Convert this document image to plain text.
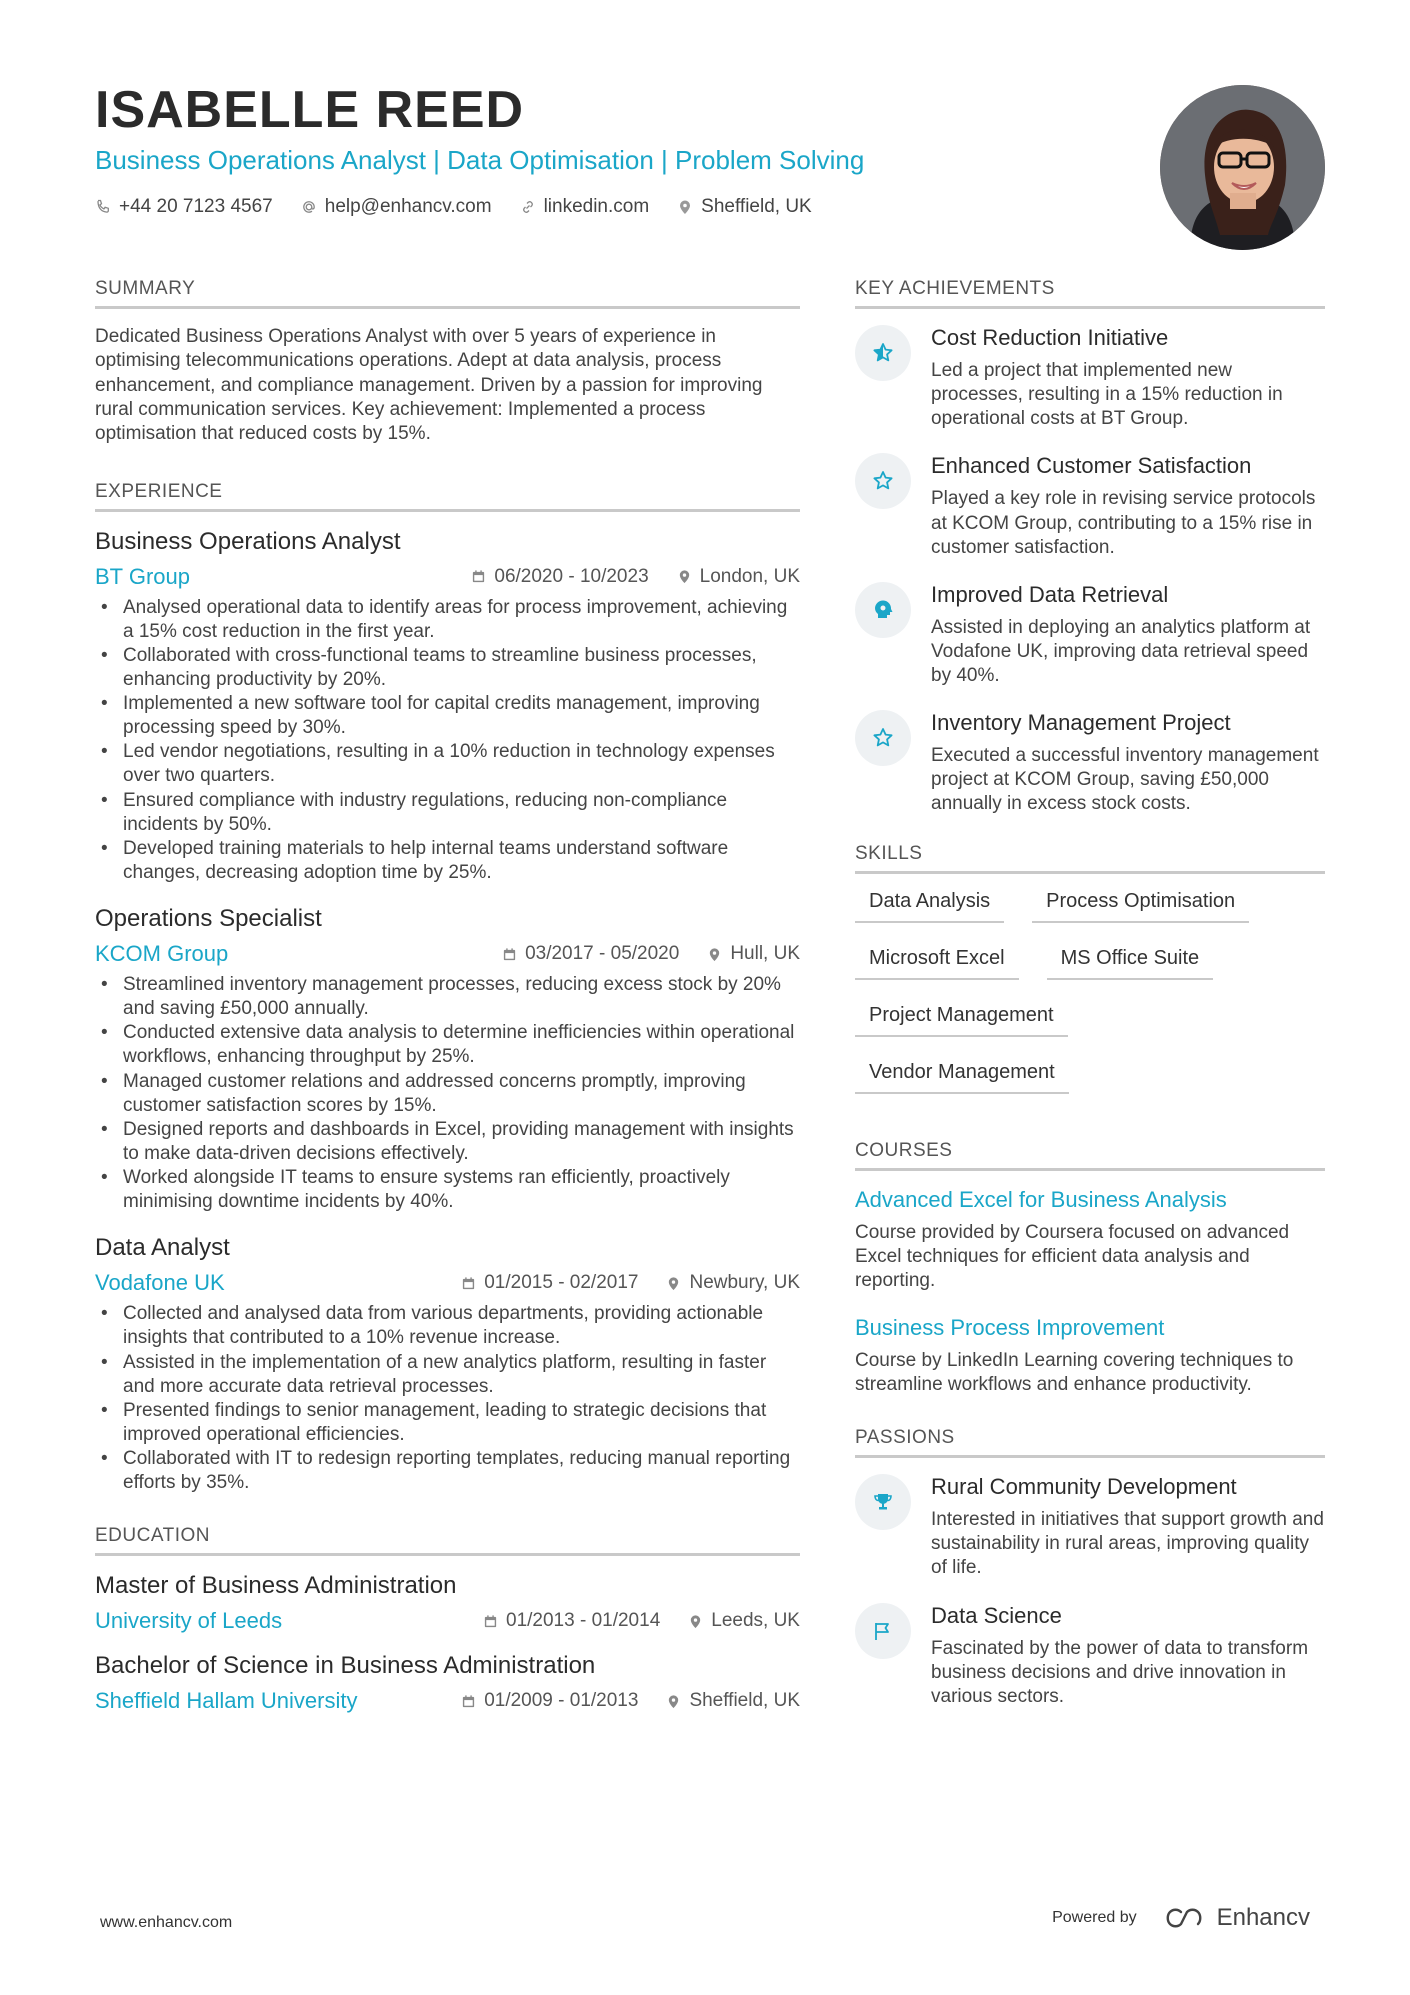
ISABELLE REED
Business Operations Analyst | Data Optimisation | Problem Solving
+44 20 7123 4567	help@enhancv.com	linkedin.com	Sheffield, UK
SUMMARY
Dedicated Business Operations Analyst with over 5 years of experience in optimising telecommunications operations. Adept at data analysis, process enhancement, and compliance management. Driven by a passion for improving rural communication services. Key achievement: Implemented a process optimisation that reduced costs by 15%.
EXPERIENCE
Business Operations Analyst
BT Group	06/2020 - 10/2023	London, UK
• Analysed operational data to identify areas for process improvement, achieving a 15% cost reduction in the first year.
• Collaborated with cross-functional teams to streamline business processes, enhancing productivity by 20%.
• Implemented a new software tool for capital credits management, improving processing speed by 30%.
• Led vendor negotiations, resulting in a 10% reduction in technology expenses over two quarters.
• Ensured compliance with industry regulations, reducing non-compliance incidents by 50%.
• Developed training materials to help internal teams understand software changes, decreasing adoption time by 25%.
Operations Specialist
KCOM Group	03/2017 - 05/2020	Hull, UK
• Streamlined inventory management processes, reducing excess stock by 20% and saving £50,000 annually.
• Conducted extensive data analysis to determine inefficiencies within operational workflows, enhancing throughput by 25%.
• Managed customer relations and addressed concerns promptly, improving customer satisfaction scores by 15%.
• Designed reports and dashboards in Excel, providing management with insights to make data-driven decisions effectively.
• Worked alongside IT teams to ensure systems ran efficiently, proactively minimising downtime incidents by 40%.
Data Analyst
Vodafone UK	01/2015 - 02/2017	Newbury, UK
• Collected and analysed data from various departments, providing actionable insights that contributed to a 10% revenue increase.
• Assisted in the implementation of a new analytics platform, resulting in faster and more accurate data retrieval processes.
• Presented findings to senior management, leading to strategic decisions that improved operational efficiencies.
• Collaborated with IT to redesign reporting templates, reducing manual reporting efforts by 35%.
EDUCATION
Master of Business Administration
University of Leeds	01/2013 - 01/2014	Leeds, UK
Bachelor of Science in Business Administration
Sheffield Hallam University	01/2009 - 01/2013	Sheffield, UK
KEY ACHIEVEMENTS
Cost Reduction Initiative
Led a project that implemented new processes, resulting in a 15% reduction in operational costs at BT Group.
Enhanced Customer Satisfaction
Played a key role in revising service protocols at KCOM Group, contributing to a 15% rise in customer satisfaction.
Improved Data Retrieval
Assisted in deploying an analytics platform at Vodafone UK, improving data retrieval speed by 40%.
Inventory Management Project
Executed a successful inventory management project at KCOM Group, saving £50,000 annually in excess stock costs.
SKILLS
Data Analysis	Process Optimisation
Microsoft Excel	MS Office Suite
Project Management
Vendor Management
COURSES
Advanced Excel for Business Analysis
Course provided by Coursera focused on advanced Excel techniques for efficient data analysis and reporting.
Business Process Improvement
Course by LinkedIn Learning covering techniques to streamline workflows and enhance productivity.
PASSIONS
Rural Community Development
Interested in initiatives that support growth and sustainability in rural areas, improving quality of life.
Data Science
Fascinated by the power of data to transform business decisions and drive innovation in various sectors.
www.enhancv.com	Powered by	Enhancv
